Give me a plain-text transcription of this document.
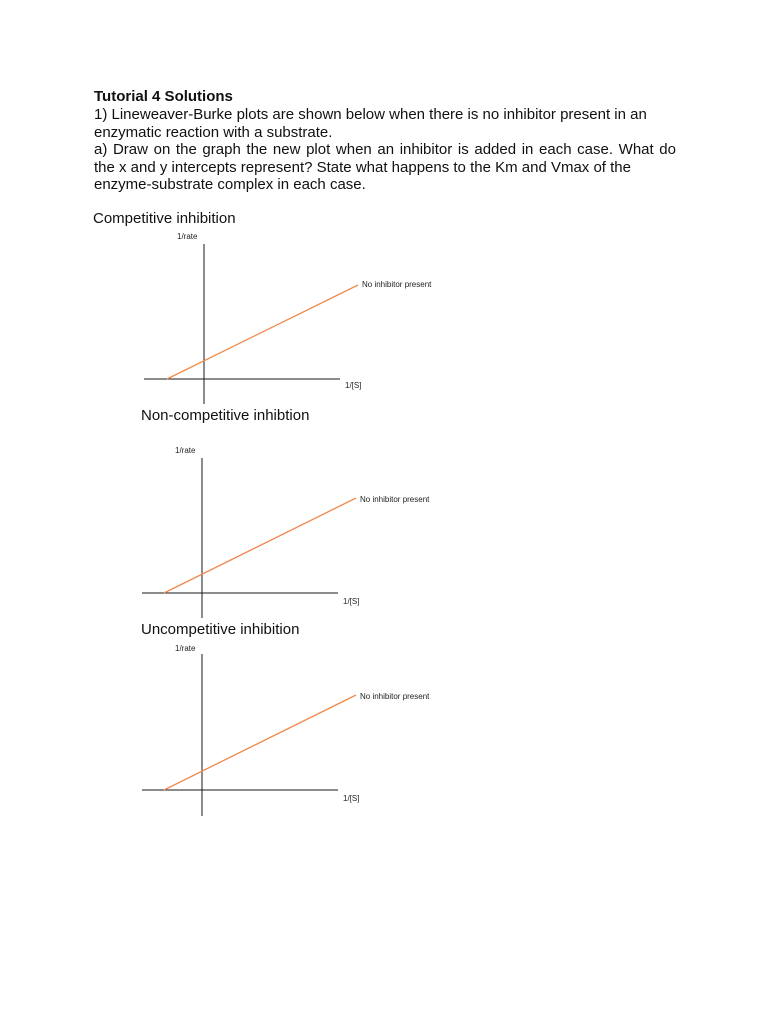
Tutorial 4 Solutions

1) Lineweaver-Burke plots are shown below when there is no inhibitor present in an enzymatic reaction with a substrate.

a) Draw on the graph the new plot when an inhibitor is added in each case. What do the x and y intercepts represent? State what happens to the Km and Vmax of the
enzyme-substrate complex in each case.

Competitive inhibition
1/rate
1/[S]
No inhibitor present
Non-competitive inhibtion
1/rate
1/[S]
No inhibitor present
Uncompetitive inhibition
1/rate
1/[S]
No inhibitor present
